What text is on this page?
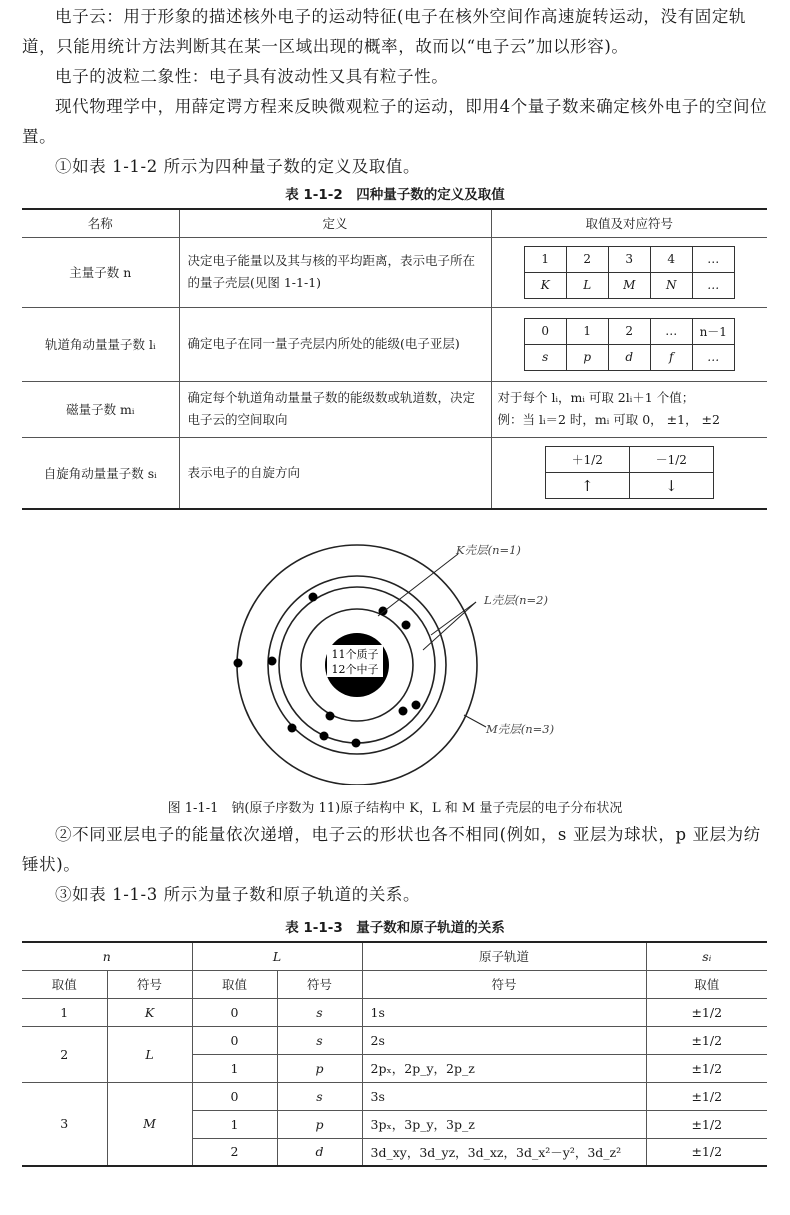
电子云：用于形象的描述核外电子的运动特征(电子在核外空间作高速旋转运动，没有固定轨道，只能用统计方法判断其在某一区域出现的概率，故而以“电子云”加以形容)。
电子的波粒二象性：电子具有波动性又具有粒子性。
现代物理学中，用薛定谔方程来反映微观粒子的运动，即用4个量子数来确定核外电子的空间位置。
①如表 1-1-2 所示为四种量子数的定义及取值。
表 1-1-2　四种量子数的定义及取值
名称	定义	取值及对应符号
主量子数 n	决定电子能量以及其与核的平均距离，表示电子所在的量子壳层(见图 1-1-1)	
1	2	3	4	…
K	L	M	N	…

轨道角动量量子数 lᵢ	确定电子在同一量子壳层内所处的能级(电子亚层)	
0	1	2	…	n－1
s	p	d	f	…

磁量子数 mᵢ	确定每个轨道角动量量子数的能级数或轨道数，决定电子云的空间取向	
对于每个 lᵢ，mᵢ 可取 2lᵢ＋1 个值；
例：当 lᵢ＝2 时，mᵢ 可取 0， ±1， ±2

自旋角动量量子数 sᵢ	表示电子的自旋方向	
＋1/2	－1/2
↑	↓
11个质子
12个中子
K壳层(n=1)
L壳层(n=2)
M壳层(n=3)
图 1-1-1　钠(原子序数为 11)原子结构中 K，L 和 M 量子壳层的电子分布状况
②不同亚层电子的能量依次递增，电子云的形状也各不相同(例如，s 亚层为球状，p 亚层为纺锤状)。
③如表 1-1-3 所示为量子数和原子轨道的关系。
表 1-1-3　量子数和原子轨道的关系
n		L		原子轨道	sᵢ
取值	符号	取值	符号	符号	取值
1	K	0	s	1s	±1/2
2	L	0	s	2s	±1/2
		1	p	2pₓ，2p_y，2p_z	±1/2
3	M	0	s	3s	±1/2
		1	p	3pₓ，3p_y，3p_z	±1/2
		2	d	3d_xy，3d_yz，3d_xz，3d_x²－y²，3d_z²	±1/2
